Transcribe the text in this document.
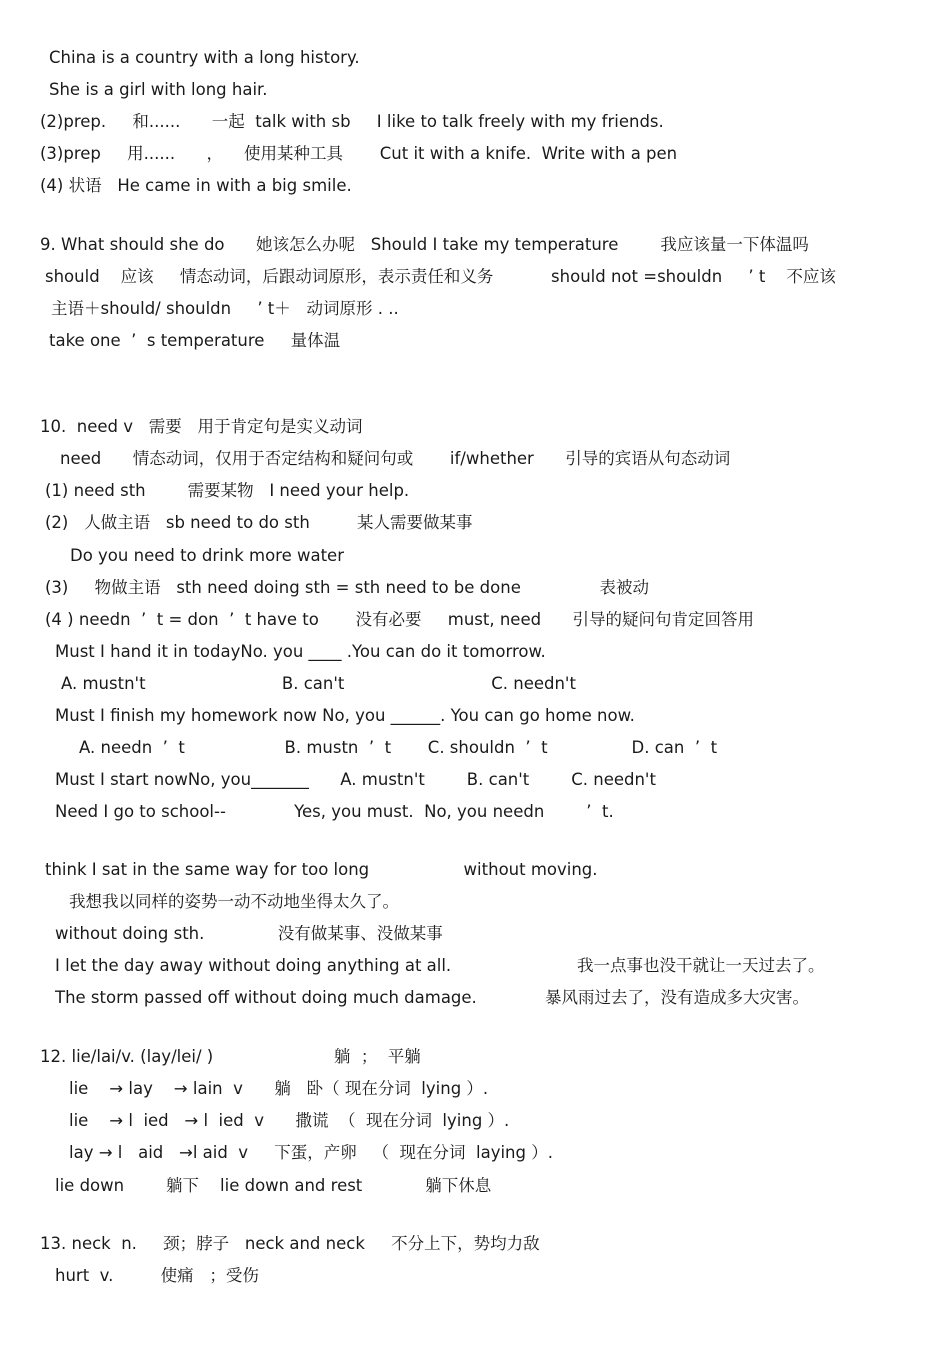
China is a country with a long history.
She is a girl with long hair.
(2)prep.     和......      一起  talk with sb     I like to talk freely with my friends.
(3)prep     用......      ，    使用某种工具       Cut it with a knife.  Write with a pen
(4) 状语   He came in with a big smile.
9. What should she do      她该怎么办呢   Should I take my temperature        我应该量一下体温吗
should    应该     情态动词，后跟动词原形，表示责任和义务           should not =shouldn     ’ t    不应该
主语＋should/ shouldn     ’ t＋   动词原形 . ..
take one  ’  s temperature     量体温
10.  need v   需要   用于肯定句是实义动词
need      情态动词，仅用于否定结构和疑问句或       if/whether      引导的宾语从句态动词
(1) need sth        需要某物   I need your help.
(2)   人做主语   sb need to do sth         某人需要做某事
Do you need to drink more water
(3)     物做主语   sth need doing sth = sth need to be done               表被动
(4 ) needn  ’  t = don  ’  t have to       没有必要     must, need      引导的疑问句肯定回答用
Must I hand it in todayNo. you ____ .You can do it tomorrow.
A. mustn't                          B. can't                            C. needn't
Must I finish my homework now No, you ______. You can go home now.
A. needn  ’  t                   B. mustn  ’  t       C. shouldn  ’  t                D. can  ’  t
Must I start nowNo, you_______      A. mustn't        B. can't        C. needn't
Need I go to school--             Yes, you must.  No, you needn        ’  t.
think I sat in the same way for too long                  without moving.
我想我以同样的姿势一动不动地坐得太久了。
without doing sth.              没有做某事、没做某事
I let the day away without doing anything at all.                        我一点事也没干就让一天过去了。
The storm passed off without doing much damage.             暴风雨过去了，没有造成多大灾害。
12. lie/lai/v. (lay/lei/ )                       躺  ；  平躺
lie    → lay    → lain  v      躺   卧（ 现在分词  lying ）.
lie    → l  ied   → l  ied  v      撒谎  （  现在分词  lying ）.
lay → l   aid   →l aid  v     下蛋，产卵   （  现在分词  laying ）.
lie down        躺下    lie down and rest            躺下休息
13. neck  n.     颈；脖子   neck and neck     不分上下，势均力敌
hurt  v.         使痛   ；受伤
